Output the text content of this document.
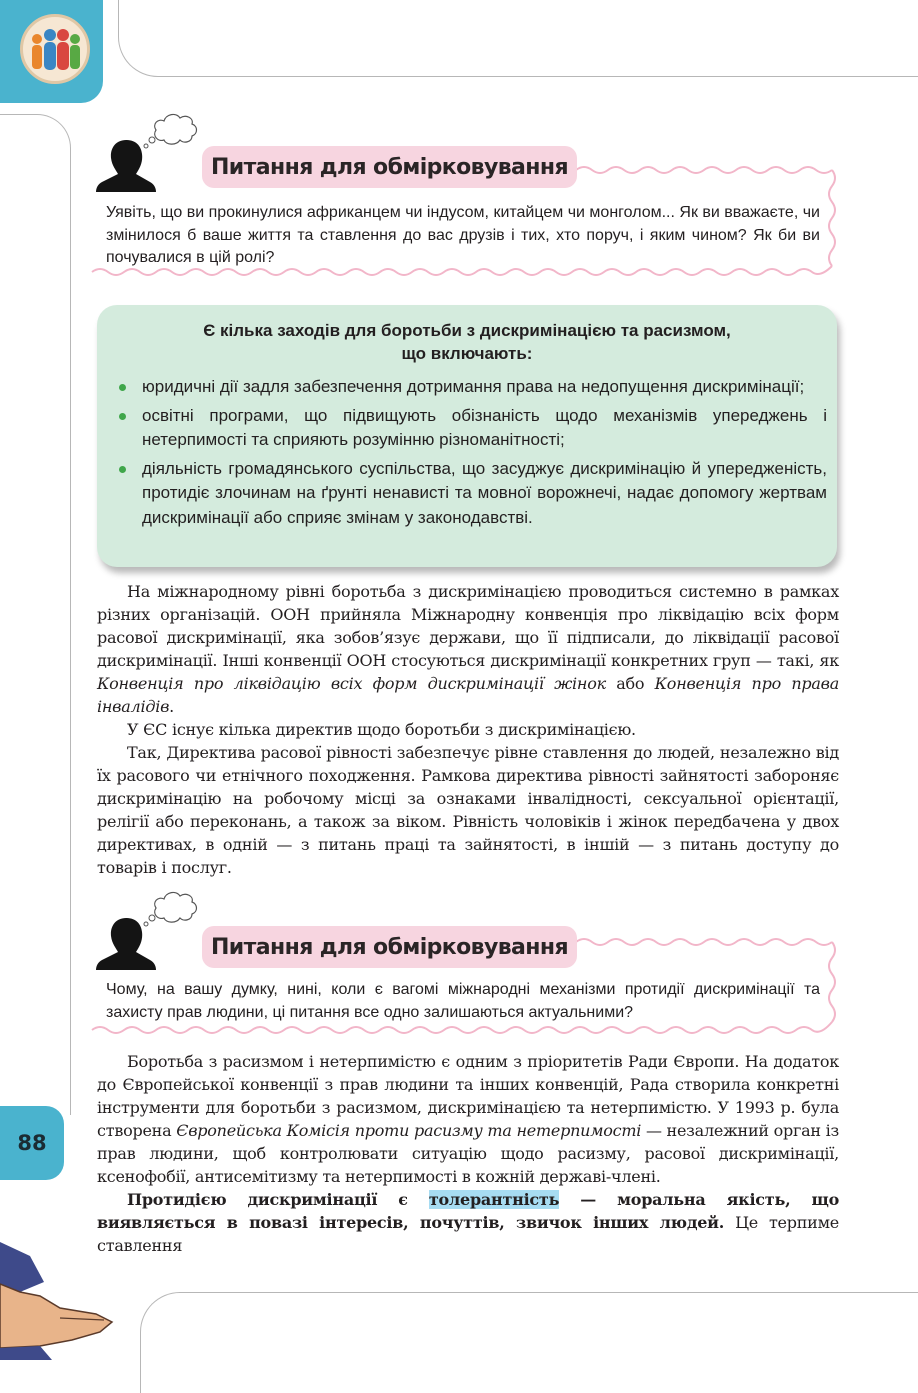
Питання для обмірковування
Уявіть, що ви прокинулися африканцем чи індусом, китайцем чи монголом... Як ви вважаєте, чи змінилося б ваше життя та ставлення до вас друзів і тих, хто поруч, і яким чином? Як би ви почувалися в цій ролі?
Є кілька заходів для боротьби з дискримінацією та расизмом,
що включають:
юридичні дії задля забезпечення дотримання права на недопущення дискримінації;
освітні програми, що підвищують обізнаність щодо механізмів упереджень і нетерпимості та сприяють розумінню різноманітності;
діяльність громадянського суспільства, що засуджує дискримінацію й упередженість, протидіє злочинам на ґрунті ненависті та мовної ворожнечі, надає допомогу жертвам дискримінації або сприяє змінам у законодавстві.

На міжнародному рівні боротьба з дискримінацією проводиться системно в рамках різних організацій. ООН прийняла Міжнародну конвенція про ліквідацію всіх форм расової дискримінації, яка зобов’язує держави, що її підписали, до ліквідації расової дискримінації. Інші конвенції ООН стосуються дискримінації конкретних груп — такі, як Конвенція про ліквідацію всіх форм дискримінації жінок або Конвенція про права інвалідів.

У ЄС існує кілька директив щодо боротьби з дискримінацією.

Так, Директива расової рівності забезпечує рівне ставлення до людей, незалежно від їх расового чи етнічного походження. Рамкова директива рівності зайнятості забороняє дискримінацію на робочому місці за ознаками інвалідності, сексуальної орієнтації, релігії або переконань, а також за віком. Рівність чоловіків і жінок передбачена у двох директивах, в одній — з питань праці та зайнятості, в іншій — з питань доступу до товарів і послуг.

Питання для обмірковування
Чому, на вашу думку, нині, коли є вагомі міжнародні механізми протидії дискримінації та захисту прав людини, ці питання все одно залишаються актуальними?

Боротьба з расизмом і нетерпимістю є одним з пріоритетів Ради Європи. На додаток до Європейської конвенції з прав людини та інших конвенцій, Рада створила конкретні інструменти для боротьби з расизмом, дискримінацією та нетерпимістю. У 1993 р. була створена Європейська Комісія проти расизму та нетерпимості — незалежний орган із прав людини, щоб контролювати ситуацію щодо расизму, расової дискримінації, ксенофобії, антисемітизму та нетерпимості в кожній державі-члені.

Протидією дискримінації є толерантність — моральна якість, що виявляється в повазі інтересів, почуттів, звичок інших людей. Це терпиме ставлення

88
